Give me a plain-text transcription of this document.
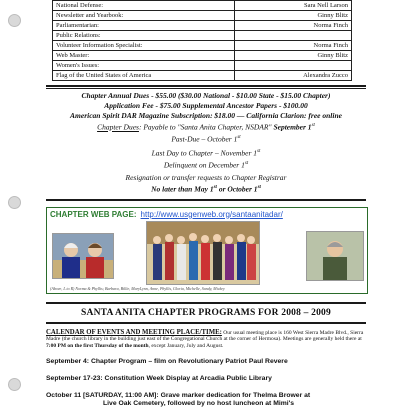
National Defense:	Sara Nell Larson
Newsletter and Yearbook:	Ginny Blitz
Parliamentarian:	Norma Finch
Public Relations:	
Volunteer Information Specialist:	Norma Finch
Web Master:	Ginny Blitz
Women's Issues:	
Flag of the United States of America	Alexandra Zucco
Chapter Annual Dues - $55.00 ($30.00 National - $10.00 State - $15.00 Chapter)
Application Fee - $75.00 Supplemental Ancestor Papers - $100.00
American Spirit DAR Magazine Subscription: $18.00 — California Clarion: free online
Chapter Dues: Payable to "Santa Anita Chapter, NSDAR" September 1st
Past-Due – October 1st
Last Day to Chapter – November 1st
Delinquent on December 1st
Resignation or transfer requests to Chapter Registrar
No later than May 1st or October 1st
CHAPTER WEB PAGE: http://www.usgenweb.org/santaanitadar/
(Above, L to R) Norma & Phyllis; Barbara, Billie, MaryLynn, Anne, Phyllis, Gloria, Michelle, Sandy, Mickey
SANTA ANITA CHAPTER PROGRAMS FOR 2008 – 2009
CALENDAR OF EVENTS AND MEETING PLACE/TIME: Our usual meeting place is 160 West Sierra Madre Blvd., Sierra Madre (the church library in the building just east of the Congregational Church at the corner of Hermosa). Meetings are generally held there at 7:00 PM on the first Thursday of the month, except January, July and August.
September 4: Chapter Program – film on Revolutionary Patriot Paul Revere
September 17-23: Constitution Week Display at Arcadia Public Library
October 11 [SATURDAY, 11:00 AM]: Grave marker dedication for Thelma Brower at
Live Oak Cemetery, followed by no host luncheon at Mimi's
